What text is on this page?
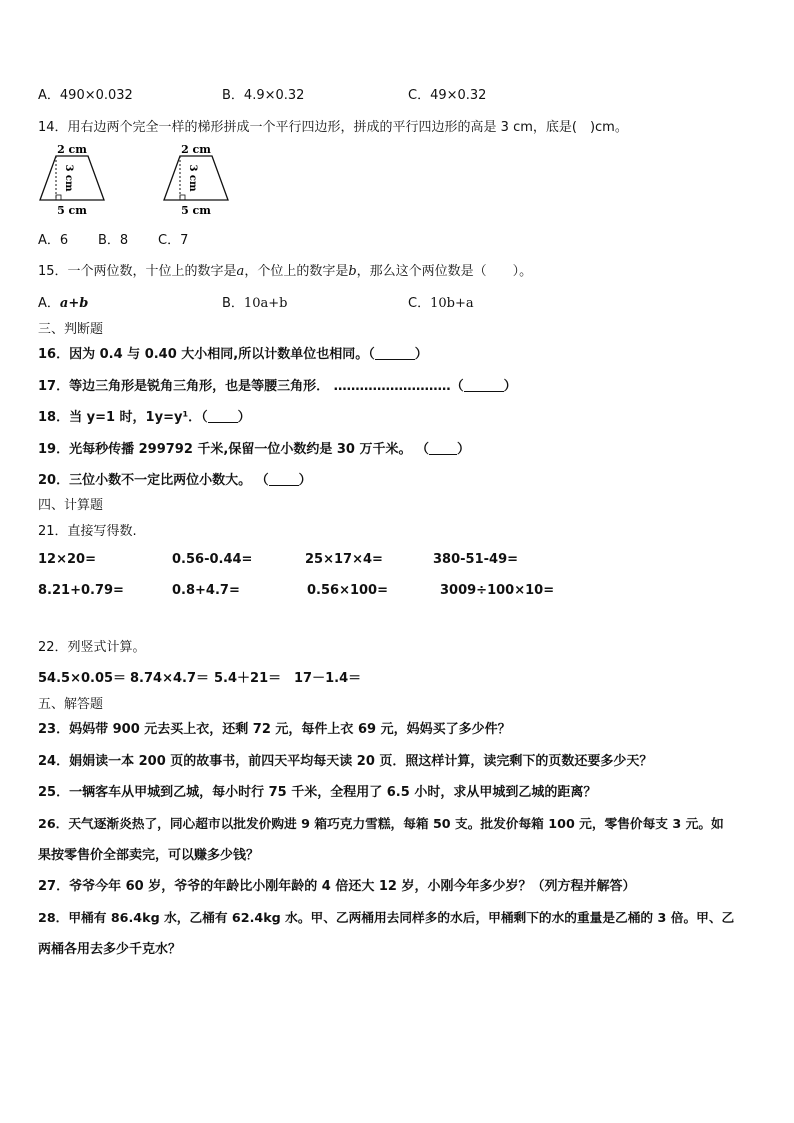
A．490×0.032	B．4.9×0.32	C．49×0.32
14．用右边两个完全一样的梯形拼成一个平行四边形，拼成的平行四边形的高是 3 cm，底是(　)cm。
2 cm
3 cm
5 cm
2 cm
3 cm
5 cm
A．6 B．8 C．7
15．一个两位数，十位上的数字是a，个位上的数字是b，那么这个两位数是（　　）。
A．a+b	B．10a+b	C．10b+a
三、判断题
16．因为 0.4 与 0.40 大小相同,所以计数单位也相同。（	）
17．等边三角形是锐角三角形，也是等腰三角形． ………………………（	）
18．当 y=1 时，1y=y¹．（ ）
19．光每秒传播 299792 千米,保留一位小数约是 30 万千米。 （ ）
20．三位小数不一定比两位小数大。 （ ）
四、计算题
21．直接写得数.
12×20=	0.56-0.44=	25×17×4=	380-51-49=
8.21+0.79=	0.8+4.7=	0.56×100=	3009÷100×10=
22．列竖式计算。
54.5×0.05＝ 8.74×4.7＝ 5.4＋21＝ 17－1.4＝
五、解答题
23．妈妈带 900 元去买上衣，还剩 72 元，每件上衣 69 元，妈妈买了多少件？
24．娟娟读一本 200 页的故事书，前四天平均每天读 20 页．照这样计算，读完剩下的页数还要多少天？
25．一辆客车从甲城到乙城，每小时行 75 千米，全程用了 6.5 小时，求从甲城到乙城的距离？
26．天气逐渐炎热了，同心超市以批发价购进 9 箱巧克力雪糕，每箱 50 支。批发价每箱 100 元，零售价每支 3 元。如
果按零售价全部卖完，可以赚多少钱？
27．爷爷今年 60 岁，爷爷的年龄比小刚年龄的 4 倍还大 12 岁，小刚今年多少岁？（列方程并解答）
28．甲桶有 86.4kg 水，乙桶有 62.4kg 水。甲、乙两桶用去同样多的水后，甲桶剩下的水的重量是乙桶的 3 倍。甲、乙
两桶各用去多少千克水？
